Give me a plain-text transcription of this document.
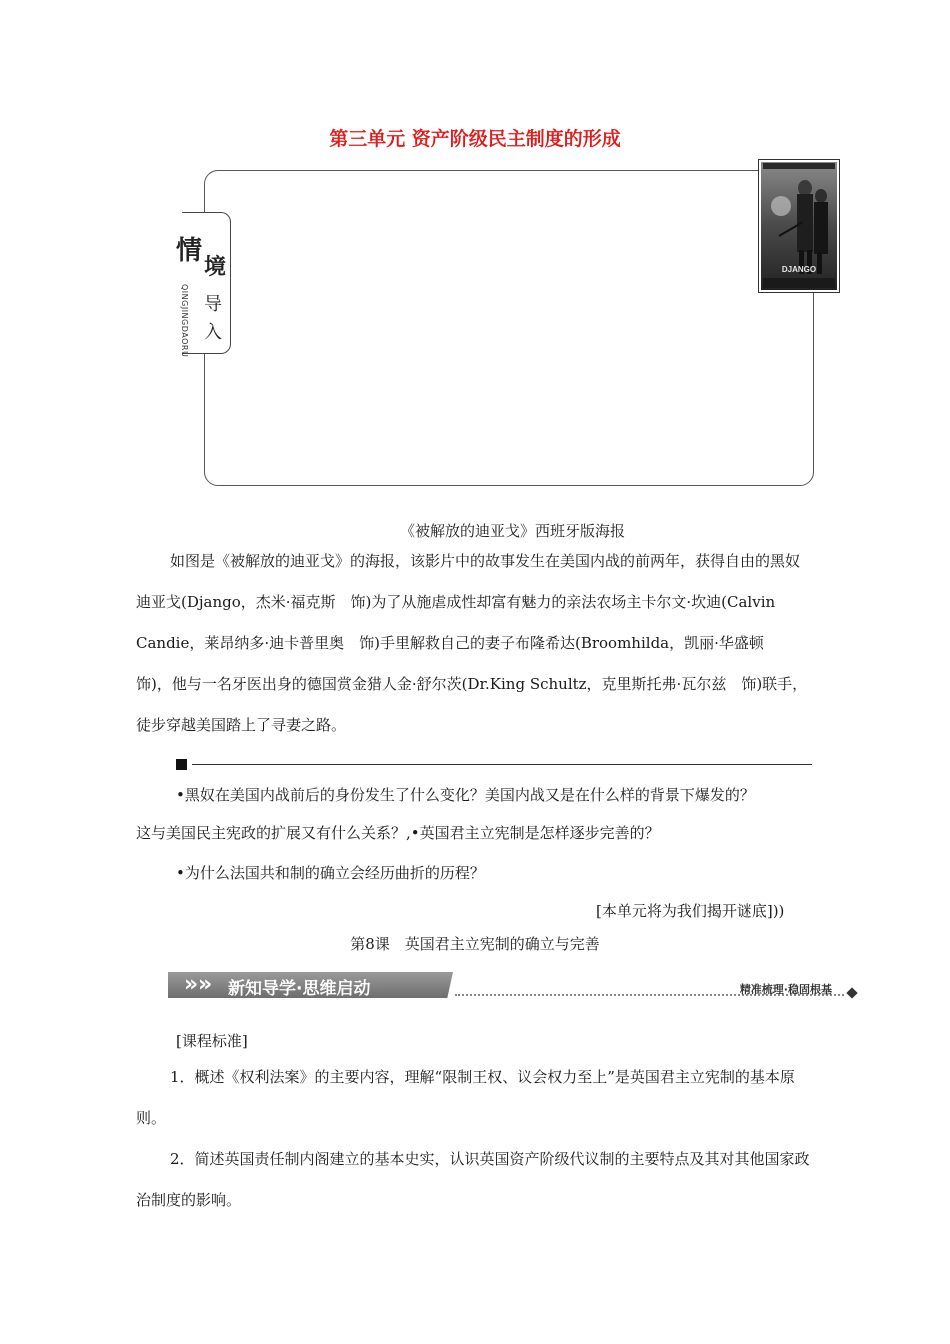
第三单元 资产阶级民主制度的形成
情
境
导
入
QINGJINGDAORU
DJANGO
《被解放的迪亚戈》西班牙版海报
如图是《被解放的迪亚戈》的海报，该影片中的故事发生在美国内战的前两年，获得自由的黑奴迪亚戈(Django，杰米·福克斯　饰)为了从施虐成性却富有魅力的亲法农场主卡尔文·坎迪(Calvin Candie，莱昂纳多·迪卡普里奥　饰)手里解救自己的妻子布隆希达(Broomhilda，凯丽·华盛顿　饰)，他与一名牙医出身的德国赏金猎人金·舒尔茨(Dr.King Schultz，克里斯托弗·瓦尔兹　饰)联手，徒步穿越美国踏上了寻妻之路。
•黑奴在美国内战前后的身份发生了什么变化？美国内战又是在什么样的背景下爆发的？
这与美国民主宪政的扩展又有什么关系？,•英国君主立宪制是怎样逐步完善的？
•为什么法国共和制的确立会经历曲折的历程？
[本单元将为我们揭开谜底]))
第8课　英国君主立宪制的确立与完善
» » 新知导学·思维启动	精准梳理·稳固根基
[课程标准]
1．概述《权利法案》的主要内容，理解“限制王权、议会权力至上”是英国君主立宪制的基本原则。
2．简述英国责任制内阁建立的基本史实，认识英国资产阶级代议制的主要特点及其对其他国家政治制度的影响。
